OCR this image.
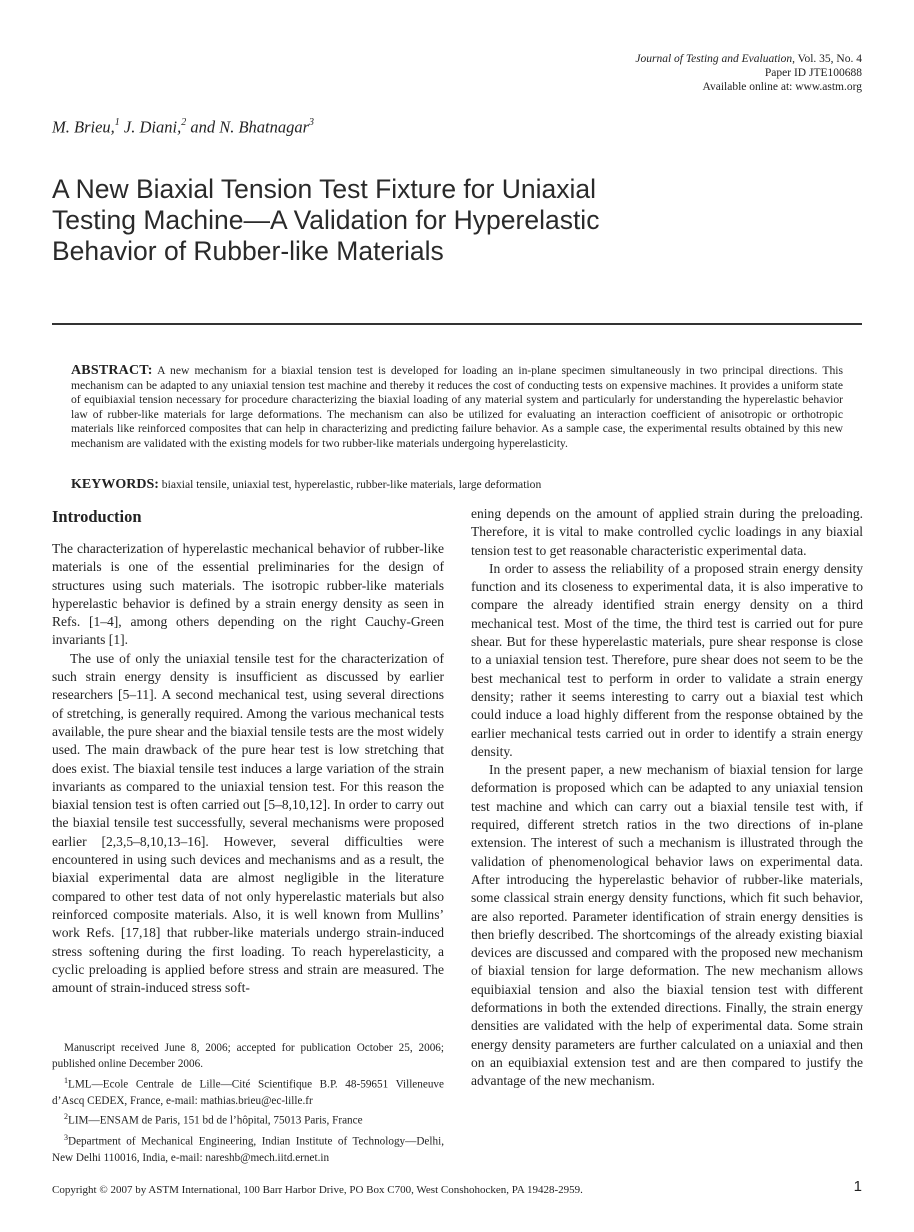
Journal of Testing and Evaluation, Vol. 35, No. 4
Paper ID JTE100688
Available online at: www.astm.org
M. Brieu,$^1$ J. Diani,$^2$ and N. Bhatnagar$^3$
A New Biaxial Tension Test Fixture for Uniaxial
Testing Machine—A Validation for Hyperelastic
Behavior of Rubber-like Materials
ABSTRACT: A new mechanism for a biaxial tension test is developed for loading an in-plane specimen simultaneously in two principal directions. This mechanism can be adapted to any uniaxial tension test machine and thereby it reduces the cost of conducting tests on expensive machines. It provides a uniform state of equibiaxial tension necessary for procedure characterizing the biaxial loading of any material system and particularly for understanding the hyperelastic behavior law of rubber-like materials for large deformations. The mechanism can also be utilized for evaluating an interaction coefficient of anisotropic or orthotropic materials like reinforced composites that can help in characterizing and predicting failure behavior. As a sample case, the experimental results obtained by this new mechanism are validated with the existing models for two rubber-like materials undergoing hyperelasticity.
KEYWORDS: biaxial tensile, uniaxial test, hyperelastic, rubber-like materials, large deformation
Introduction

The characterization of hyperelastic mechanical behavior of rubber-like materials is one of the essential preliminaries for the design of structures using such materials. The isotropic rubber-like materials hyperelastic behavior is defined by a strain energy density as seen in Refs. [1–4], among others depending on the right Cauchy-Green invariants [1].

The use of only the uniaxial tensile test for the characterization of such strain energy density is insufficient as discussed by earlier researchers [5–11]. A second mechanical test, using several directions of stretching, is generally required. Among the various mechanical tests available, the pure shear and the biaxial tensile tests are the most widely used. The main drawback of the pure hear test is low stretching that does exist. The biaxial tensile test induces a large variation of the strain invariants as compared to the uniaxial tension test. For this reason the biaxial tension test is often carried out [5–8,10,12]. In order to carry out the biaxial tensile test successfully, several mechanisms were proposed earlier [2,3,5–8,10,13–16]. However, several difficulties were encountered in using such devices and mechanisms and as a result, the biaxial experimental data are almost negligible in the literature compared to other test data of not only hyperelastic materials but also reinforced composite materials. Also, it is well known from Mullins’ work Refs. [17,18] that rubber-like materials undergo strain-induced stress softening during the first loading. To reach hyperelasticity, a cyclic preloading is applied before stress and strain are measured. The amount of strain-induced stress soft-

Manuscript received June 8, 2006; accepted for publication October 25, 2006; published online December 2006.

$^1$LML—Ecole Centrale de Lille—Cité Scientifique B.P. 48-59651 Villeneuve d’Ascq CEDEX, France, e-mail: mathias.brieu@ec-lille.fr

$^2$LIM—ENSAM de Paris, 151 bd de l’hôpital, 75013 Paris, France

$^3$Department of Mechanical Engineering, Indian Institute of Technology—Delhi, New Delhi 110016, India, e-mail: nareshb@mech.iitd.ernet.in

ening depends on the amount of applied strain during the preloading. Therefore, it is vital to make controlled cyclic loadings in any biaxial tension test to get reasonable characteristic experimental data.

In order to assess the reliability of a proposed strain energy density function and its closeness to experimental data, it is also imperative to compare the already identified strain energy density on a third mechanical test. Most of the time, the third test is carried out for pure shear. But for these hyperelastic materials, pure shear response is close to a uniaxial tension test. Therefore, pure shear does not seem to be the best mechanical test to perform in order to validate a strain energy density; rather it seems interesting to carry out a biaxial test which could induce a load highly different from the response obtained by the earlier mechanical tests carried out in order to identify a strain energy density.

In the present paper, a new mechanism of biaxial tension for large deformation is proposed which can be adapted to any uniaxial tension test machine and which can carry out a biaxial tensile test with, if required, different stretch ratios in the two directions of in-plane extension. The interest of such a mechanism is illustrated through the validation of phenomenological behavior laws on experimental data. After introducing the hyperelastic behavior of rubber-like materials, some classical strain energy density functions, which fit such behavior, are also reported. Parameter identification of strain energy densities is then briefly described. The shortcomings of the already existing biaxial devices are discussed and compared with the proposed new mechanism of biaxial tension for large deformation. The new mechanism allows equibiaxial tension and also the biaxial tension test with different deformations in both the extended directions. Finally, the strain energy densities are validated with the help of experimental data. Some strain energy density parameters are further calculated on a uniaxial and then on an equibiaxial extension test and are then compared to justify the advantage of the new mechanism.

Copyright © 2007 by ASTM International, 100 Barr Harbor Drive, PO Box C700, West Conshohocken, PA 19428-2959.	1
